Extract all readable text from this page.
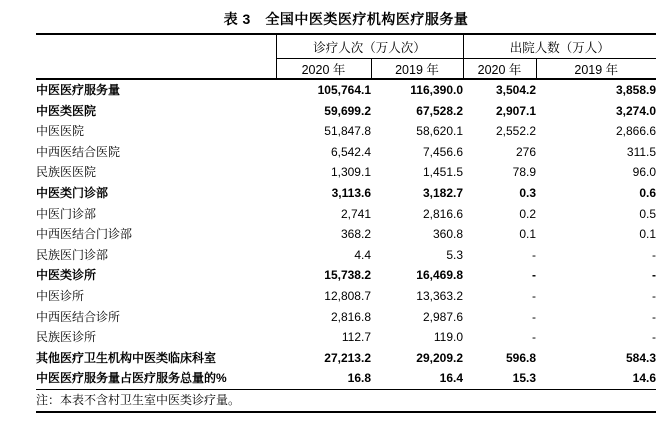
表 3　全国中医类医疗机构医疗服务量
	诊疗人次（万人次）		出院人数（万人）	
	2020 年	2019 年	2020 年	2019 年
中医医疗服务量	105,764.1	116,390.0	3,504.2	3,858.9
中医类医院	59,699.2	67,528.2	2,907.1	3,274.0
中医医院	51,847.8	58,620.1	2,552.2	2,866.6
中西医结合医院	6,542.4	7,456.6	276	311.5
民族医医院	1,309.1	1,451.5	78.9	96.0
中医类门诊部	3,113.6	3,182.7	0.3	0.6
中医门诊部	2,741	2,816.6	0.2	0.5
中西医结合门诊部	368.2	360.8	0.1	0.1
民族医门诊部	4.4	5.3	-	-
中医类诊所	15,738.2	16,469.8	-	-
中医诊所	12,808.7	13,363.2	-	-
中西医结合诊所	2,816.8	2,987.6	-	-
民族医诊所	112.7	119.0	-	-
其他医疗卫生机构中医类临床科室	27,213.2	29,209.2	596.8	584.3
中医医疗服务量占医疗服务总量的%	16.8	16.4	15.3	14.6
注：本表不含村卫生室中医类诊疗量。				
